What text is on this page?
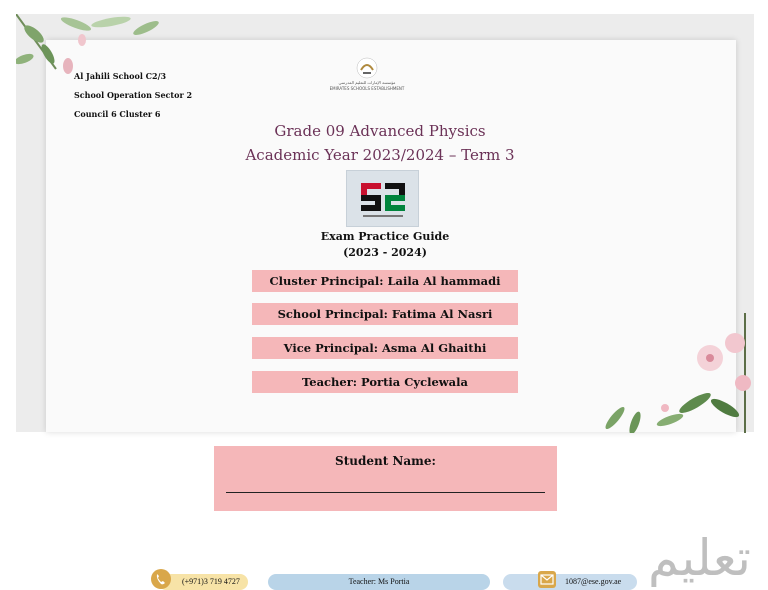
Al Jahili School C2/3
School Operation Sector 2
Council 6 Cluster 6
مؤسسة الإمارات للتعليم المدرسي
EMIRATES SCHOOLS ESTABLISHMENT
Grade 09 Advanced Physics
Academic Year 2023/2024 – Term 3
Exam Practice Guide
(2023 - 2024)
Cluster Principal: Laila Al hammadi
School Principal: Fatima Al Nasri
Vice Principal: Asma Al Ghaithi
Teacher: Portia Cyclewala
Student Name:
تعليم
(+971)3 719 4727	Teacher: Ms Portia	1087@ese.gov.ae
